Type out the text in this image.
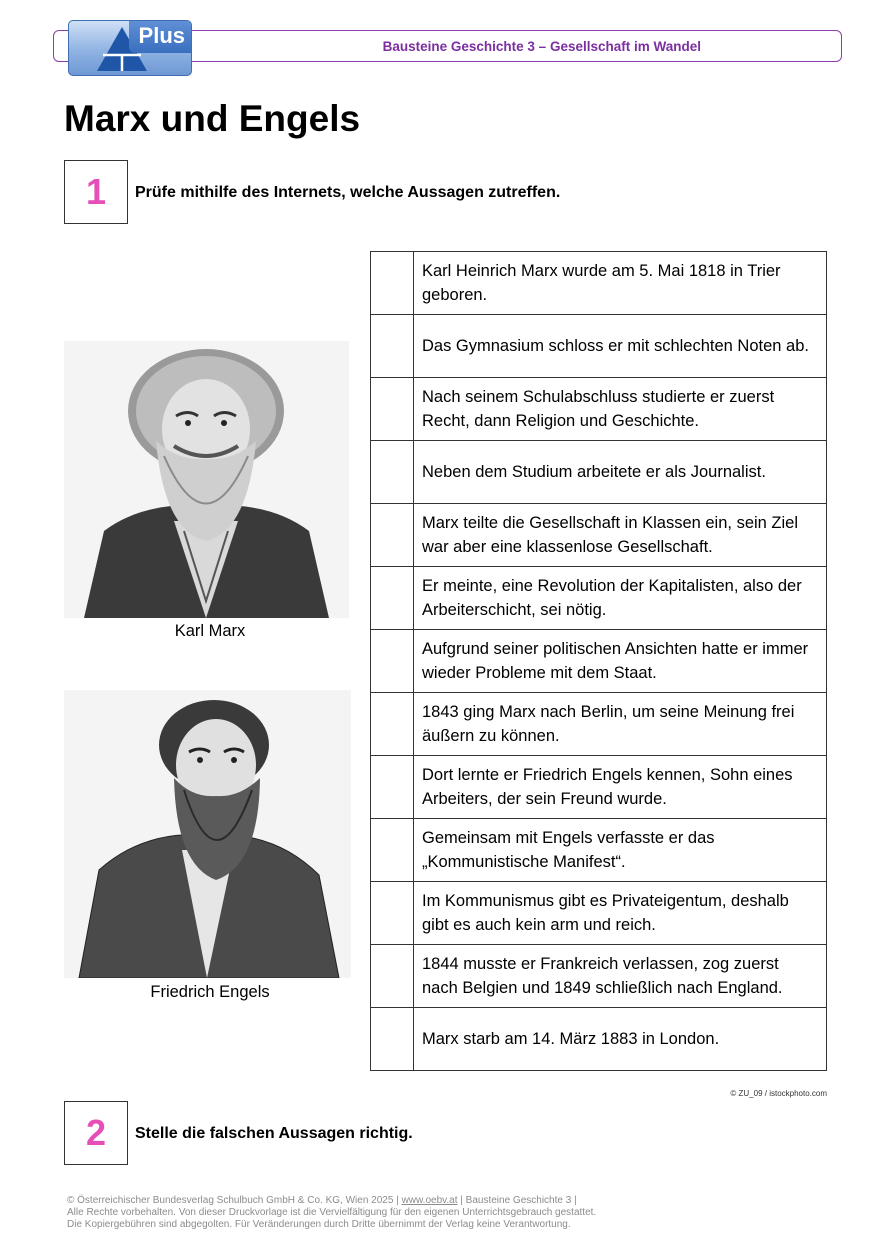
Bausteine Geschichte 3 – Gesellschaft im Wandel
Plus
Marx und Engels
1	Prüfe mithilfe des Internets, welche Aussagen zutreffen.
Karl Marx
Friedrich Engels
	Karl Heinrich Marx wurde am 5. Mai 1818 in Trier geboren.
	Das Gymnasium schloss er mit schlechten Noten ab.
	Nach seinem Schulabschluss studierte er zuerst Recht, dann Religion und Geschichte.
	Neben dem Studium arbeitete er als Journalist.
	Marx teilte die Gesellschaft in Klassen ein, sein Ziel war aber eine klassenlose Gesellschaft.
	Er meinte, eine Revolution der Kapitalisten, also der Arbeiterschicht, sei nötig.
	Aufgrund seiner politischen Ansichten hatte er immer wieder Probleme mit dem Staat.
	1843 ging Marx nach Berlin, um seine Meinung frei äußern zu können.
	Dort lernte er Friedrich Engels kennen, Sohn eines Arbeiters, der sein Freund wurde.
	Gemeinsam mit Engels verfasste er das „Kommunistische Manifest“.
	Im Kommunismus gibt es Privateigentum, deshalb gibt es auch kein arm und reich.
	1844 musste er Frankreich verlassen, zog zuerst nach Belgien und 1849 schließlich nach England.
	Marx starb am 14. März 1883 in London.
© ZU_09 / istockphoto.com
2	Stelle die falschen Aussagen richtig.
© Österreichischer Bundesverlag Schulbuch GmbH & Co. KG, Wien 2025 | www.oebv.at | Bausteine Geschichte 3 |
Alle Rechte vorbehalten. Von dieser Druckvorlage ist die Vervielfältigung für den eigenen Unterrichtsgebrauch gestattet.
Die Kopiergebühren sind abgegolten. Für Veränderungen durch Dritte übernimmt der Verlag keine Verantwortung.
